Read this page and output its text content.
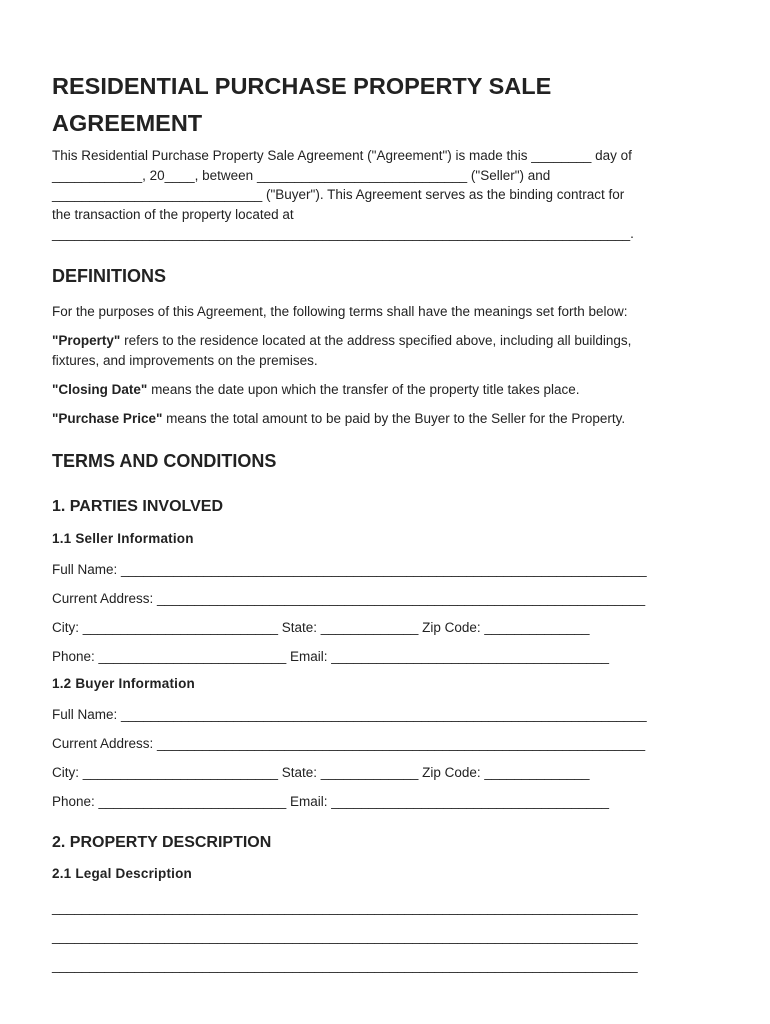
RESIDENTIAL PURCHASE PROPERTY SALE AGREEMENT

This Residential Purchase Property Sale Agreement ("Agreement") is made this ________ day of

____________, 20____, between ____________________________ ("Seller") and

____________________________ ("Buyer"). This Agreement serves as the binding contract for

the transaction of the property located at

_____________________________________________________________________________.

DEFINITIONS

For the purposes of this Agreement, the following terms shall have the meanings set forth below:

"Property" refers to the residence located at the address specified above, including all buildings,

fixtures, and improvements on the premises.

"Closing Date" means the date upon which the transfer of the property title takes place.

"Purchase Price" means the total amount to be paid by the Buyer to the Seller for the Property.

TERMS AND CONDITIONS
1. PARTIES INVOLVED
1.1 Seller Information

Full Name: ______________________________________________________________________

Current Address: _________________________________________________________________

City: __________________________ State: _____________ Zip Code: ______________

Phone: _________________________ Email: _____________________________________

1.2 Buyer Information

Full Name: ______________________________________________________________________

Current Address: _________________________________________________________________

City: __________________________ State: _____________ Zip Code: ______________

Phone: _________________________ Email: _____________________________________

2. PROPERTY DESCRIPTION
2.1 Legal Description

______________________________________________________________________________

______________________________________________________________________________

______________________________________________________________________________
